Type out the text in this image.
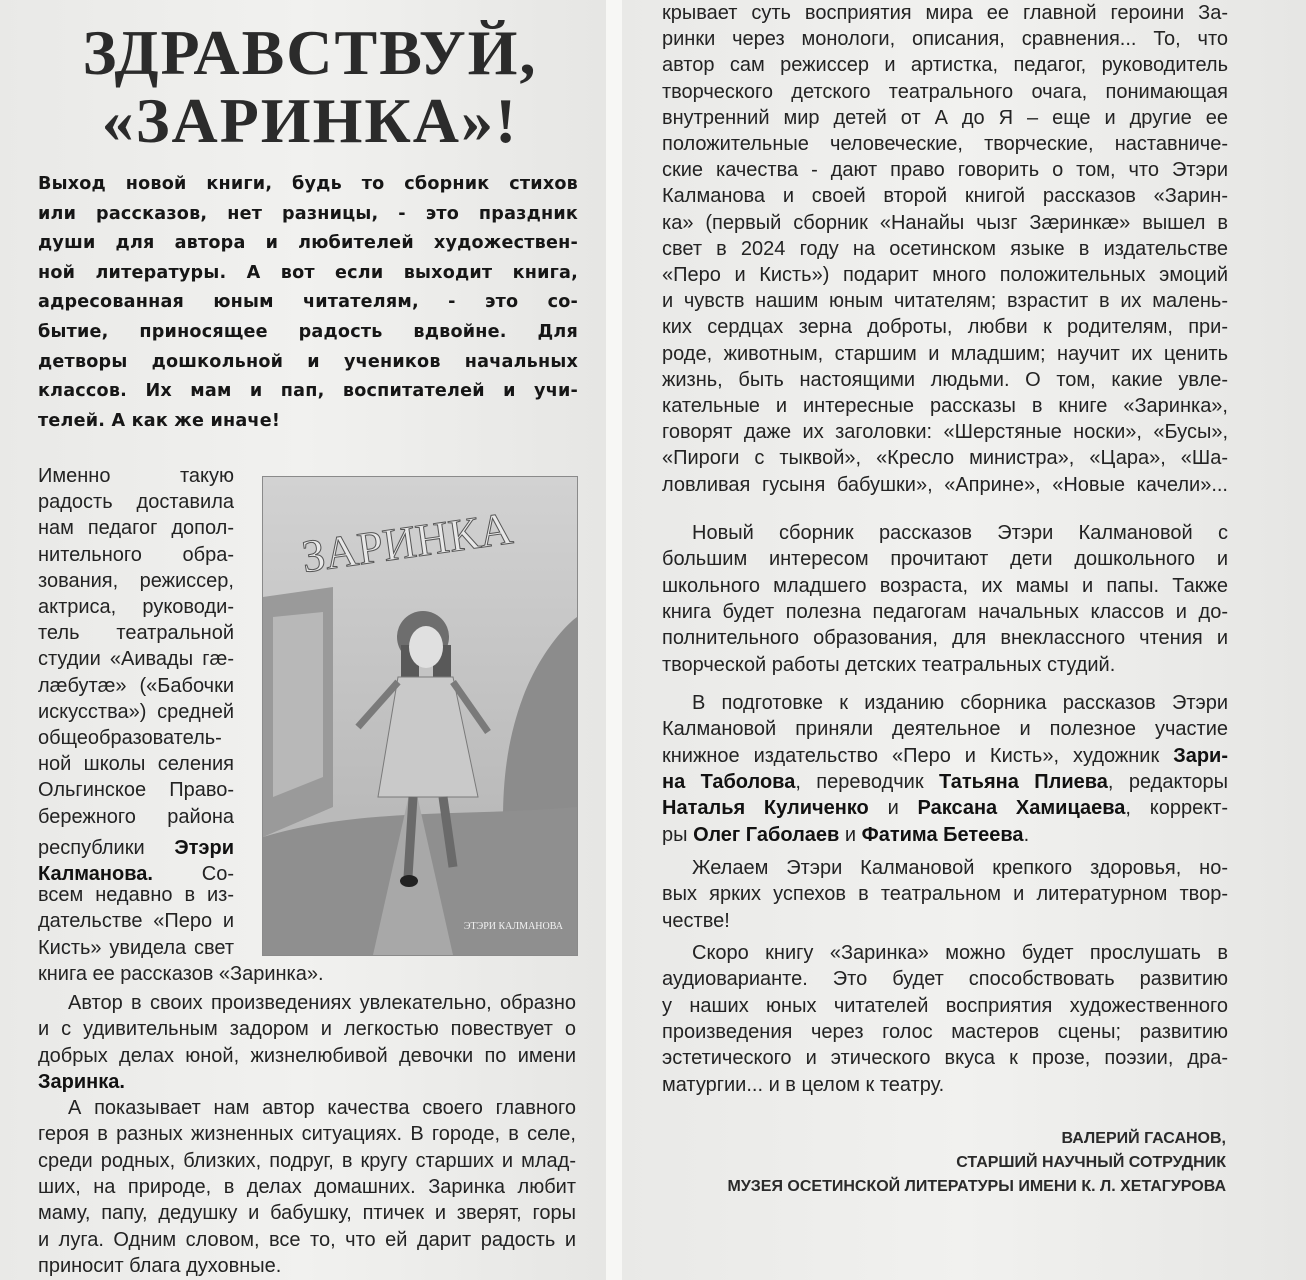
ЗДРАВСТВУЙ,
«ЗАРИНКА»!

Выход новой книги, будь то сборник стихов

или рассказов, нет разницы, - это праздник

души для автора и любителей художествен-

ной литературы. А вот если выходит книга,

адресованная юным читателям, - это со-

бытие, приносящее радость вдвойне. Для

детворы дошкольной и учеников начальных

классов. Их мам и пап, воспитателей и учи-

телей. А как же иначе!

республики Этэри

Калманова. Со-

Именно такую

радость доставила

нам педагог допол-

нительного обра-

зования, режиссер,

актриса, руководи-

тель театральной

студии «Аивады гæ-

лæбутæ» («Бабочки

искусства») средней

общеобразователь-

ной школы селения

Ольгинское Право-

бережного района

всем недавно в из-

дательстве «Перо и

Кисть» увидела свет

книга ее рассказов «Заринка».

ЗАРИНКА
ЭТЭРИ КАЛМАНОВА

Автор в своих произведениях увлекательно, образно

и с удивительным задором и легкостью повествует о

добрых делах юной, жизнелюбивой девочки по имени

Заринка.

А показывает нам автор качества своего главного

героя в разных жизненных ситуациях. В городе, в селе,

среди родных, близких, подруг, в кругу старших и млад-

ших, на природе, в делах домашних. Заринка любит

маму, папу, дедушку и бабушку, птичек и зверят, горы

и луга. Одним словом, все то, что ей дарит радость и

приносит блага духовные.

крывает суть восприятия мира ее главной героини За-

ринки через монологи, описания, сравнения... То, что

автор сам режиссер и артистка, педагог, руководитель

творческого детского театрального очага, понимающая

внутренний мир детей от А до Я – еще и другие ее

положительные человеческие, творческие, наставниче-

ские качества - дают право говорить о том, что Этэри

Калманова и своей второй книгой рассказов «Зарин-

ка» (первый сборник «Нанайы чызг Зæринкæ» вышел в

свет в 2024 году на осетинском языке в издательстве

«Перо и Кисть») подарит много положительных эмоций

и чувств нашим юным читателям; взрастит в их малень-

ких сердцах зерна доброты, любви к родителям, при-

роде, животным, старшим и младшим; научит их ценить

жизнь, быть настоящими людьми. О том, какие увле-

кательные и интересные рассказы в книге «Заринка»,

говорят даже их заголовки: «Шерстяные носки», «Бусы»,

«Пироги с тыквой», «Кресло министра», «Цара», «Ша-

ловливая гусыня бабушки», «Априне», «Новые качели»...

Новый сборник рассказов Этэри Калмановой с

большим интересом прочитают дети дошкольного и

школьного младшего возраста, их мамы и папы. Также

книга будет полезна педагогам начальных классов и до-

полнительного образования, для внеклассного чтения и

творческой работы детских театральных студий.

В подготовке к изданию сборника рассказов Этэри

Калмановой приняли деятельное и полезное участие

книжное издательство «Перо и Кисть», художник Зари-

на Таболова, переводчик Татьяна Плиева, редакторы

Наталья Куличенко и Раксана Хамицаева, коррект-

ры Олег Габолаев и Фатима Бетеева.

Желаем Этэри Калмановой крепкого здоровья, но-

вых ярких успехов в театральном и литературном твор-

честве!

Скоро книгу «Заринка» можно будет прослушать в

аудиоварианте. Это будет способствовать развитию

у наших юных читателей восприятия художественного

произведения через голос мастеров сцены; развитию

эстетического и этического вкуса к прозе, поэзии, дра-

матургии... и в целом к театру.

ВАЛЕРИЙ ГАСАНОВ,

СТАРШИЙ НАУЧНЫЙ СОТРУДНИК

МУЗЕЯ ОСЕТИНСКОЙ ЛИТЕРАТУРЫ ИМЕНИ К. Л. ХЕТАГУРОВА
